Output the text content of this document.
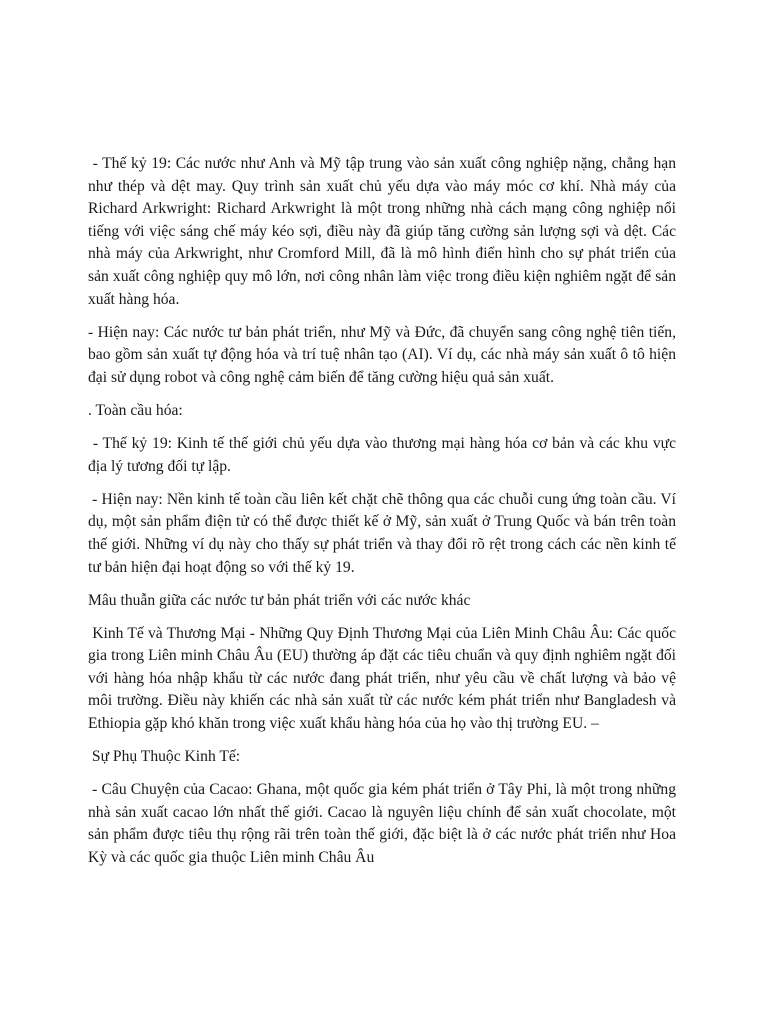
- Thế kỷ 19: Các nước như Anh và Mỹ tập trung vào sản xuất công nghiệp nặng, chẳng hạn như thép và dệt may. Quy trình sản xuất chủ yếu dựa vào máy móc cơ khí. Nhà máy của Richard Arkwright: Richard Arkwright là một trong những nhà cách mạng công nghiệp nổi tiếng với việc sáng chế máy kéo sợi, điều này đã giúp tăng cường sản lượng sợi và dệt. Các nhà máy của Arkwright, như Cromford Mill, đã là mô hình điển hình cho sự phát triển của sản xuất công nghiệp quy mô lớn, nơi công nhân làm việc trong điều kiện nghiêm ngặt để sản xuất hàng hóa.

- Hiện nay: Các nước tư bản phát triển, như Mỹ và Đức, đã chuyển sang công nghệ tiên tiến, bao gồm sản xuất tự động hóa và trí tuệ nhân tạo (AI). Ví dụ, các nhà máy sản xuất ô tô hiện đại sử dụng robot và công nghệ cảm biến để tăng cường hiệu quả sản xuất.

. Toàn cầu hóa:

- Thế kỷ 19: Kinh tế thế giới chủ yếu dựa vào thương mại hàng hóa cơ bản và các khu vực địa lý tương đối tự lập.

- Hiện nay: Nền kinh tế toàn cầu liên kết chặt chẽ thông qua các chuỗi cung ứng toàn cầu. Ví dụ, một sản phẩm điện tử có thể được thiết kế ở Mỹ, sản xuất ở Trung Quốc và bán trên toàn thế giới. Những ví dụ này cho thấy sự phát triển và thay đổi rõ rệt trong cách các nền kinh tế tư bản hiện đại hoạt động so với thế kỷ 19.

Mâu thuẫn giữa các nước tư bản phát triển với các nước khác

Kinh Tế và Thương Mại - Những Quy Định Thương Mại của Liên Minh Châu Âu: Các quốc gia trong Liên minh Châu Âu (EU) thường áp đặt các tiêu chuẩn và quy định nghiêm ngặt đối với hàng hóa nhập khẩu từ các nước đang phát triển, như yêu cầu về chất lượng và bảo vệ môi trường. Điều này khiến các nhà sản xuất từ các nước kém phát triển như Bangladesh và Ethiopia gặp khó khăn trong việc xuất khẩu hàng hóa của họ vào thị trường EU. –

Sự Phụ Thuộc Kinh Tế:

- Câu Chuyện của Cacao: Ghana, một quốc gia kém phát triển ở Tây Phi, là một trong những nhà sản xuất cacao lớn nhất thế giới. Cacao là nguyên liệu chính để sản xuất chocolate, một sản phẩm được tiêu thụ rộng rãi trên toàn thế giới, đặc biệt là ở các nước phát triển như Hoa Kỳ và các quốc gia thuộc Liên minh Châu Âu
